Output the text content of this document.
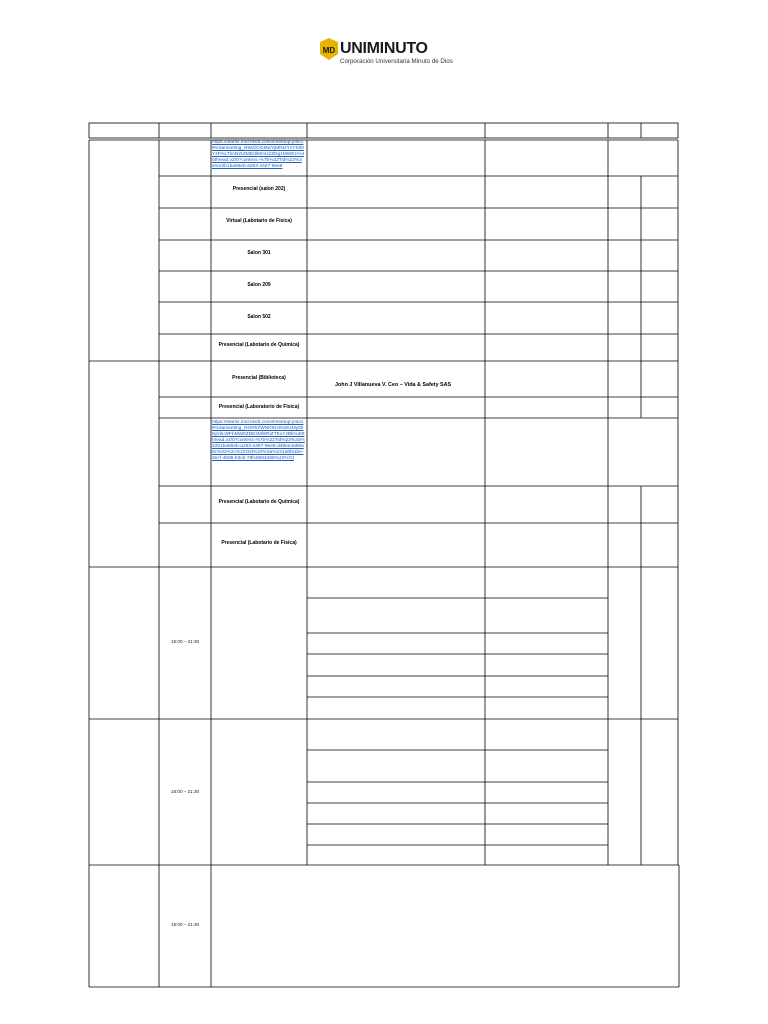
MD UNIMINUTO
Corporación Universitaria Minuto de Dios
https://teams.microsoft.com/l/meetup-join/19%3ameeting_NWZiOGMwYjMtN2YzYS00YzFmLTlmN2UtMDdlMmU2ZDg1MWE1%40thread.v2/0?context=%7b%22Tid%22%3a%22b1ba85eb-a253-4467-9ee8
Presencial (salon 202)
Virtual (Labotario de Física)
Salon 301
Salon 209
Salon 502
Presencial (Labotario de Química)
Presencial (Biblioteca)
John J Villanueva V. Ceo – Vida & Safety SAS
Presencial (Laboratorio de Física)
https://teams.microsoft.com/l/meetup-join/19%3ameeting_NGRhZWNlODctNzExMy00NjVkLWFhMWItZDEzMWRiZTExYzBk%40thread.v2/0?context=%7b%22Tid%22%3a%22b1ba85eb-a253-4467-9ee8-d49ee4a99a8c%22%2c%22Oid%22%3a%221a8fa1be-3ecf-4b95-b3cb-79fc8563466%22%7d
Presencial (Labotario de Química)
Presencial (Labotario de Física)
18:00 – 21:30
18:00 – 21:30
18:00 – 21:30
